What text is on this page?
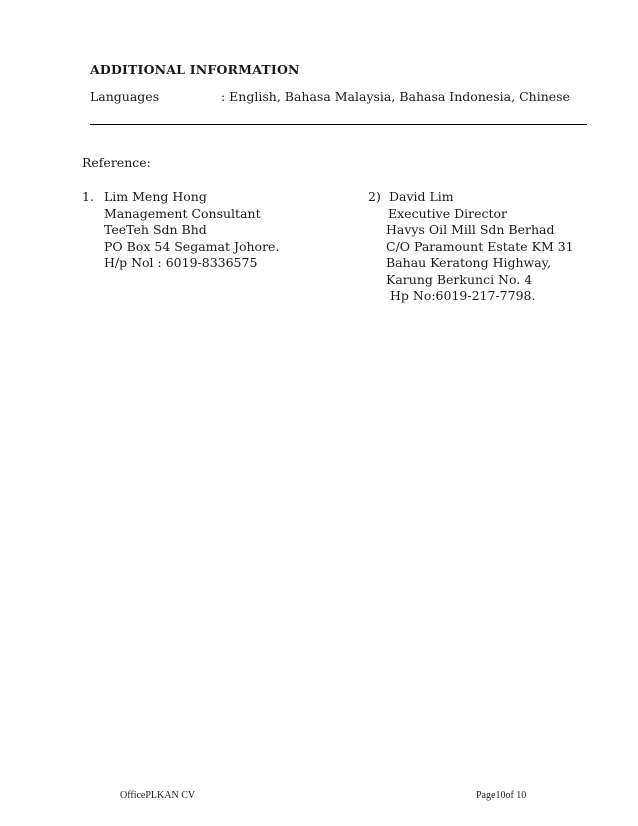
ADDITIONAL INFORMATION
Languages	: English, Bahasa Malaysia, Bahasa Indonesia, Chinese
Reference:
1. Lim Meng Hong
Management Consultant
TeeTeh Sdn Bhd
PO Box 54 Segamat Johore.
H/p Nol : 6019-8336575
2) David Lim
Executive Director
Havys Oil Mill Sdn Berhad
C/O Paramount Estate KM 31
Bahau Keratong Highway,
Karung Berkunci No. 4
Hp No:6019-217-7798.
OfficePLKAN CV	Page10of 10
